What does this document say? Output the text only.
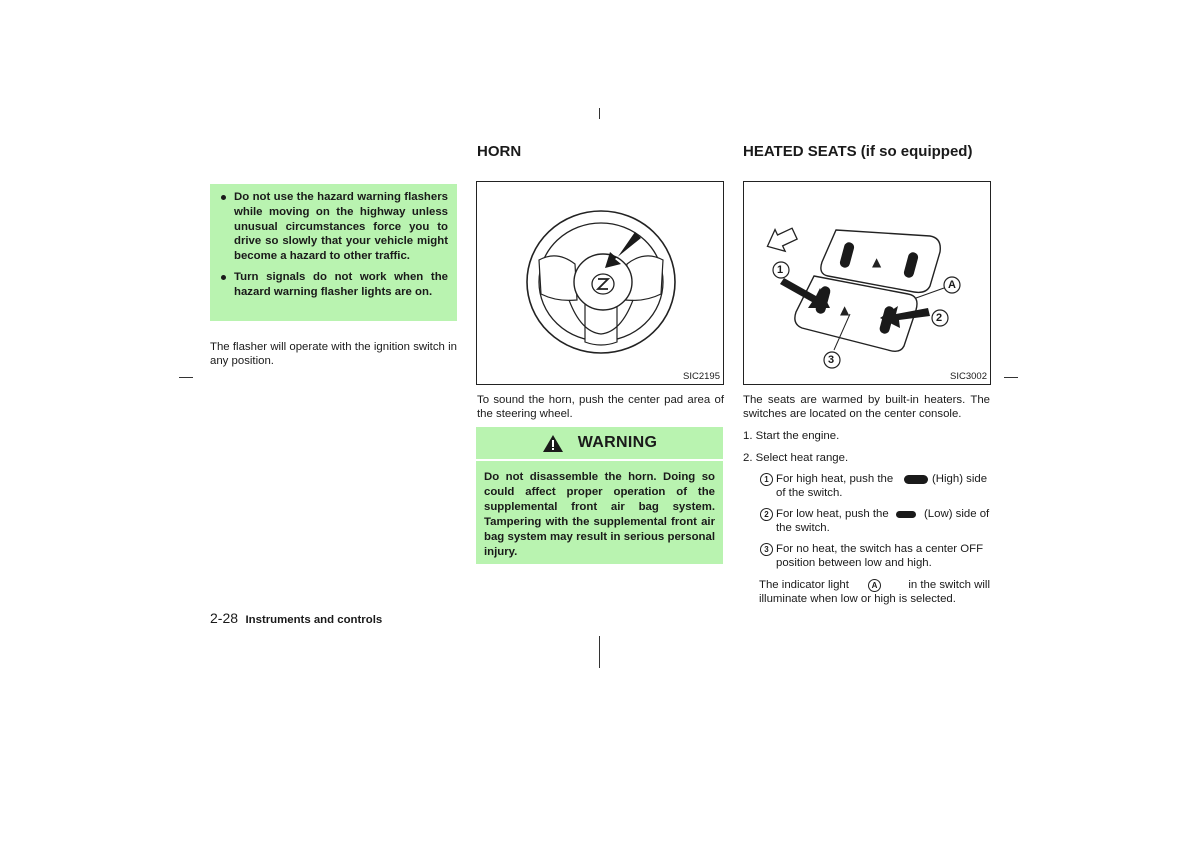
Do not use the hazard warning flashers while moving on the highway unless unusual circumstances force you to drive so slowly that your vehicle might become a hazard to other traffic.
Turn signals do not work when the hazard warning flasher lights are on.
The flasher will operate with the ignition switch in any position.
HORN
SIC2195
To sound the horn, push the center pad area of the steering wheel.
WARNING
Do not disassemble the horn. Doing so could affect proper operation of the supplemental front air bag system. Tampering with the supplemental front air bag system may result in serious personal injury.
HEATED SEATS (if so equipped)
▲
▲
1
A
2
3
SIC3002
The seats are warmed by built-in heaters. The switches are located on the center console.
1. Start the engine.
2. Select heat range.
1 For high heat, push the	(High) side
of the switch.
2 For low heat, push the	(Low) side of
the switch.
3 For no heat, the switch has a center OFF
position between low and high.
The indicator light	A	in the switch will
illuminate when low or high is selected.
2-28 Instruments and controls
